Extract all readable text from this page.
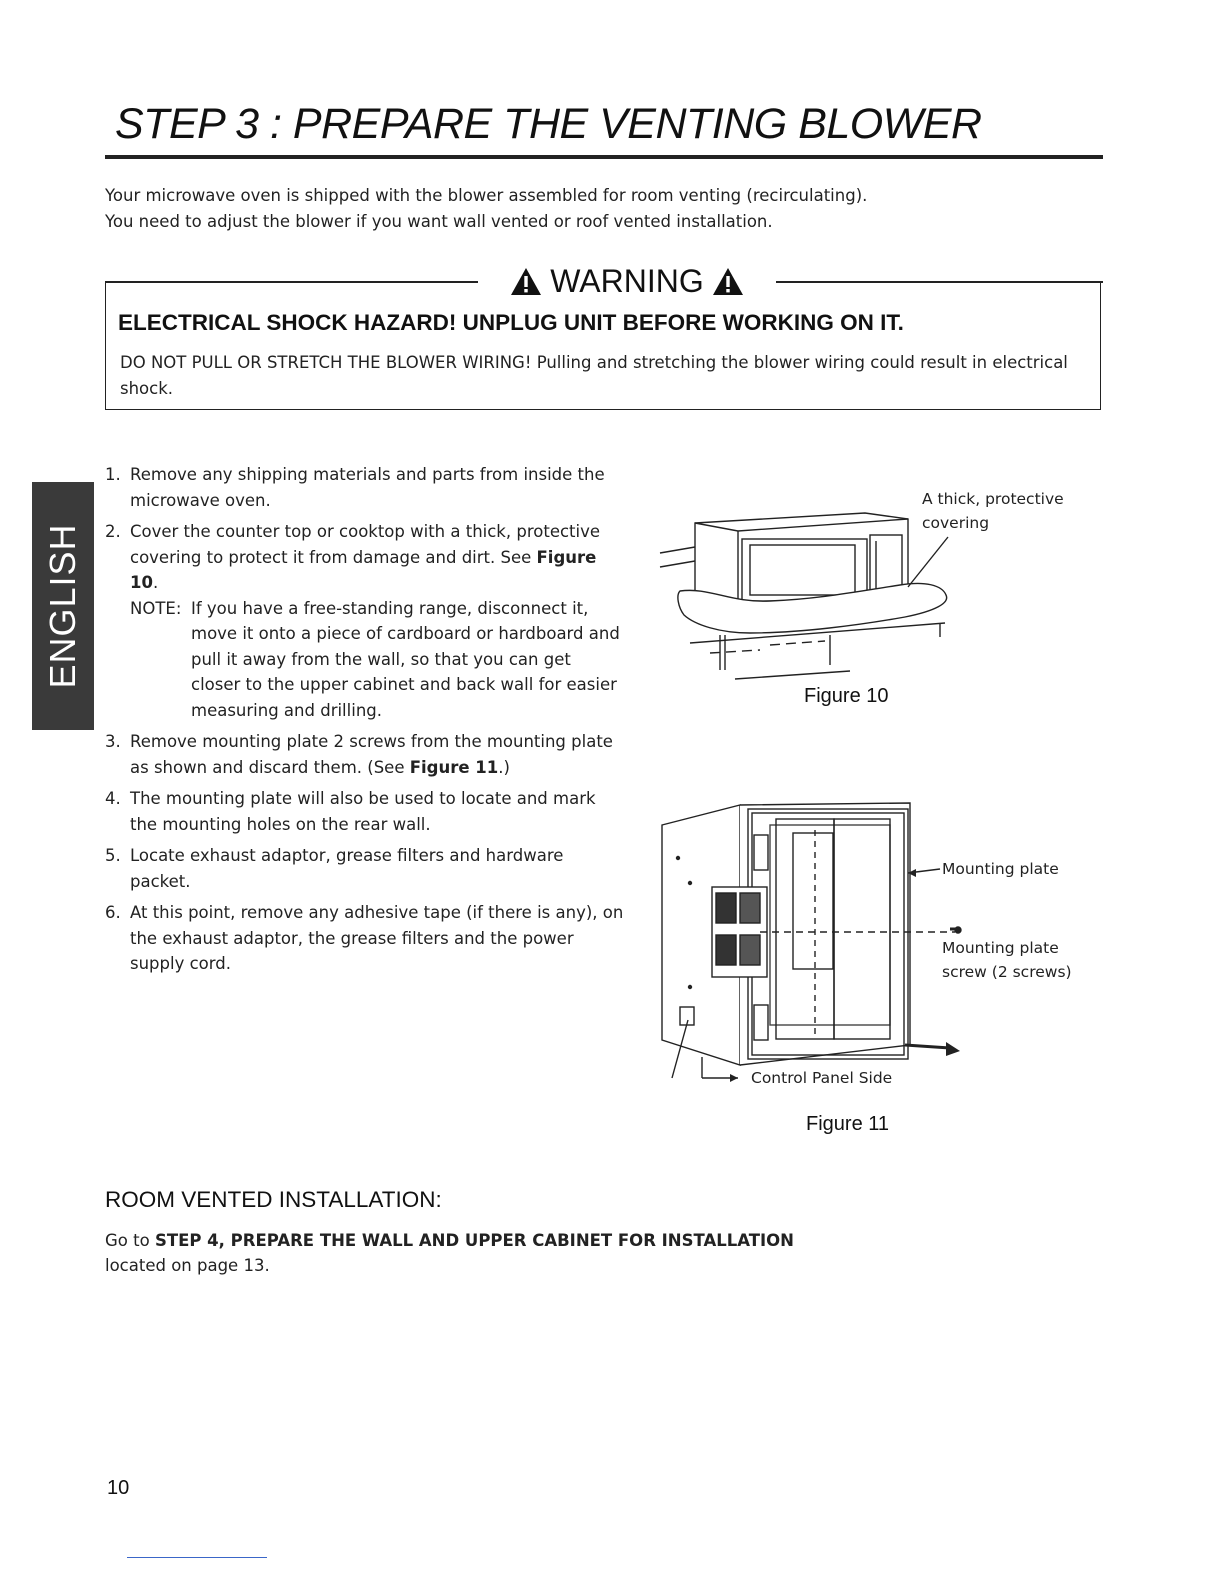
STEP 3 : PREPARE THE VENTING BLOWER

Your microwave oven is shipped with the blower assembled for room venting (recirculating).

You need to adjust the blower if you want wall vented or roof vented installation.

WARNING
ELECTRICAL SHOCK HAZARD! UNPLUG UNIT BEFORE WORKING ON IT.
DO NOT PULL OR STRETCH THE BLOWER WIRING! Pulling and stretching the blower wiring could result in electrical shock.
ENGLISH
1. Remove any shipping materials and parts from inside the microwave oven.
2. Cover the counter top or cooktop with a thick, protective covering to protect it from damage and dirt. See Figure 10.
NOTE: If you have a free-standing range, disconnect it, move it onto a piece of cardboard or hardboard and pull it away from the wall, so that you can get closer to the upper cabinet and back wall for easier measuring and drilling.
3. Remove mounting plate 2 screws from the mounting plate as shown and discard them. (See Figure 11.)
4. The mounting plate will also be used to locate and mark the mounting holes on the rear wall.
5. Locate exhaust adaptor, grease filters and hardware packet.
6. At this point, remove any adhesive tape (if there is any), on the exhaust adaptor, the grease filters and the power supply cord.
A thick, protective
covering
Figure 10
Mounting plate
Mounting plate
screw (2 screws)
Control Panel Side
Figure 11
ROOM VENTED INSTALLATION:

Go to STEP 4, PREPARE THE WALL AND UPPER CABINET FOR INSTALLATION

located on page 13.

10
